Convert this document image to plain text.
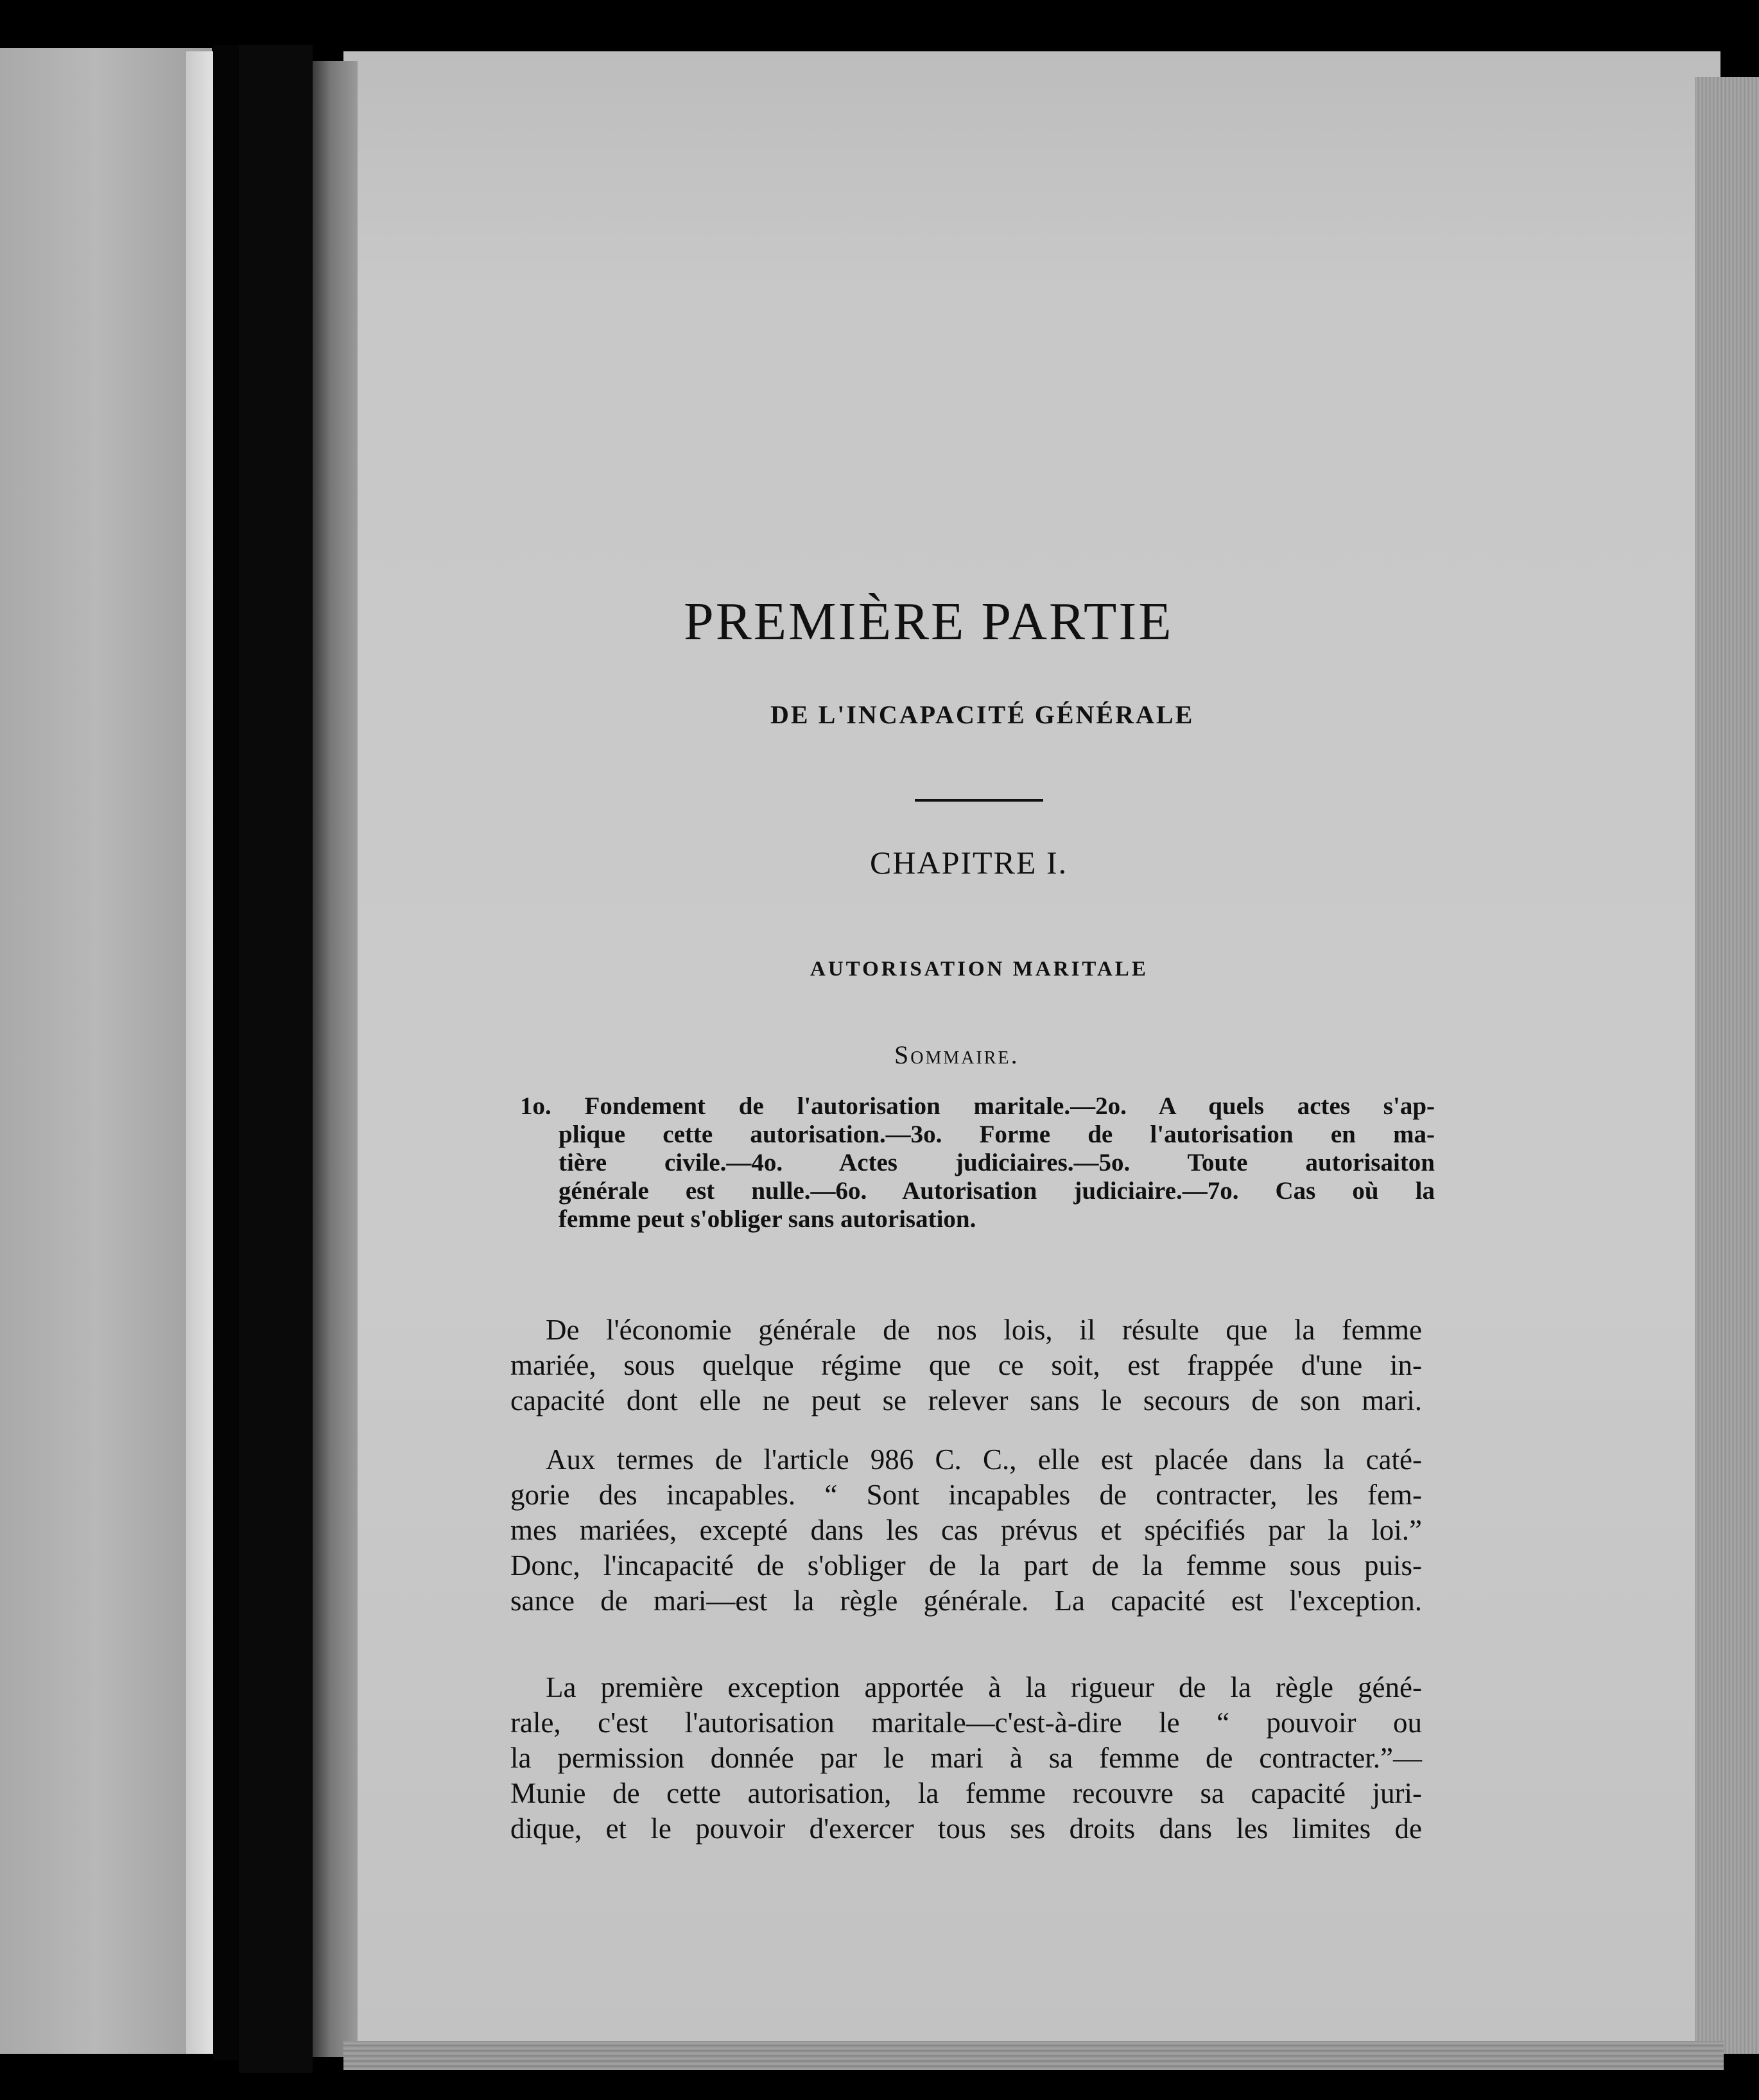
PREMIÈRE PARTIE
DE L'INCAPACITÉ GÉNÉRALE
CHAPITRE I.
AUTORISATION MARITALE
Sommaire.
1o. Fondement de l'autorisation maritale.—2o. A quels actes s'ap-
plique cette autorisation.—3o. Forme de l'autorisation en ma-
tière civile.—4o. Actes judiciaires.—5o. Toute autorisaiton
générale est nulle.—6o. Autorisation judiciaire.—7o. Cas où la
femme peut s'obliger sans autorisation.
De l'économie générale de nos lois, il résulte que la femme
mariée, sous quelque régime que ce soit, est frappée d'une in-
capacité dont elle ne peut se relever sans le secours de son mari.
Aux termes de l'article 986 C. C., elle est placée dans la caté-
gorie des incapables. “ Sont incapables de contracter, les fem-
mes mariées, excepté dans les cas prévus et spécifiés par la loi.”
Donc, l'incapacité de s'obliger de la part de la femme sous puis-
sance de mari—est la règle générale. La capacité est l'exception.
La première exception apportée à la rigueur de la règle géné-
rale, c'est l'autorisation maritale—c'est-à-dire le “ pouvoir ou
la permission donnée par le mari à sa femme de contracter.”—
Munie de cette autorisation, la femme recouvre sa capacité juri-
dique, et le pouvoir d'exercer tous ses droits dans les limites de
